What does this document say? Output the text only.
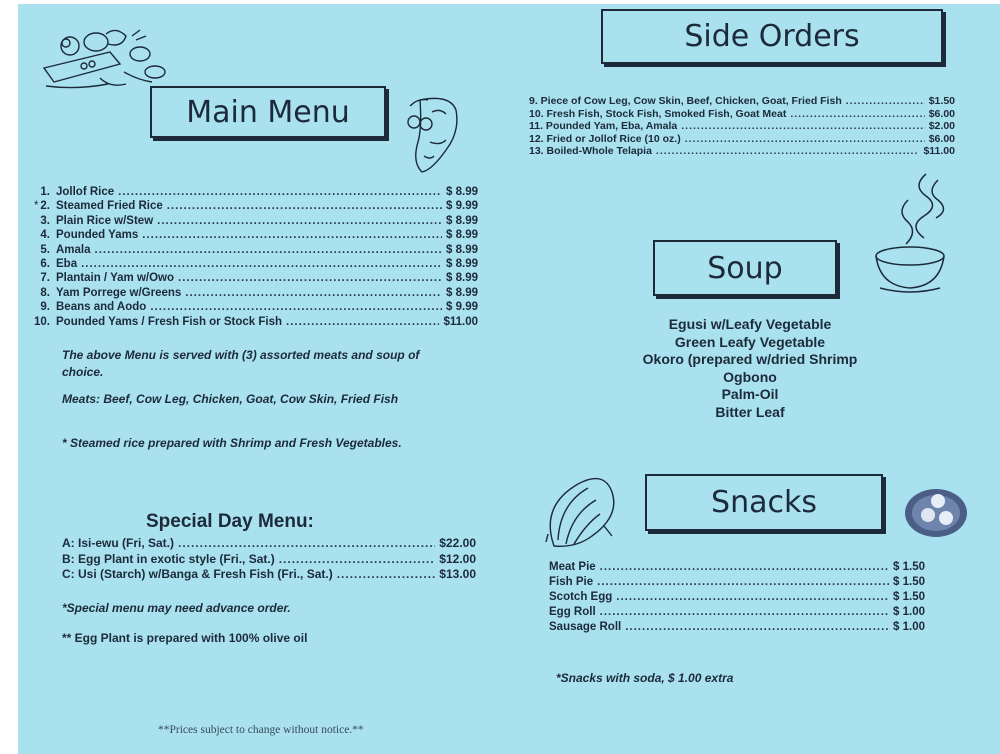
Main Menu
1. Jollof Rice .....	$ 8.99
* 2. Steamed Fried Rice .....	$ 9.99
3. Plain Rice w/Stew .....	$ 8.99
4. Pounded Yams .....	$ 8.99
5. Amala .....	$ 8.99
6. Eba .....	$ 8.99
7. Plantain / Yam w/Owo .....	$ 8.99
8. Yam Porrege w/Greens .....	$ 8.99
9. Beans and Aodo .....	$ 9.99
10. Pounded Yams / Fresh Fish or Stock Fish .....	$11.00
The above Menu is served with (3) assorted meats and soup of choice.
Meats: Beef, Cow Leg, Chicken, Goat, Cow Skin, Fried Fish
* Steamed rice prepared with Shrimp and Fresh Vegetables.
Special Day Menu:
A: Isi-ewu (Fri, Sat.) .....	$22.00
B: Egg Plant in exotic style (Fri., Sat.) .....	$12.00
C: Usi (Starch) w/Banga & Fresh Fish (Fri., Sat.) .....	$13.00
*Special menu may need advance order.
** Egg Plant is prepared with 100% olive oil
**Prices subject to change without notice.**
Side Orders
9. Piece of Cow Leg, Cow Skin, Beef, Chicken, Goat, Fried Fish .....	$1.50
10. Fresh Fish, Stock Fish, Smoked Fish, Goat Meat .....	$6.00
11. Pounded Yam, Eba, Amala .....	$2.00
12. Fried or Jollof Rice (10 oz.) .....	$6.00
13. Boiled-Whole Telapia .....	$11.00
Soup
Egusi w/Leafy Vegetable
Green Leafy Vegetable
Okoro (prepared w/dried Shrimp
Ogbono
Palm-Oil
Bitter Leaf
Snacks
Meat Pie .....	$ 1.50
Fish Pie .....	$ 1.50
Scotch Egg .....	$ 1.50
Egg Roll .....	$ 1.00
Sausage Roll .....	$ 1.00
*Snacks with soda, $ 1.00 extra
